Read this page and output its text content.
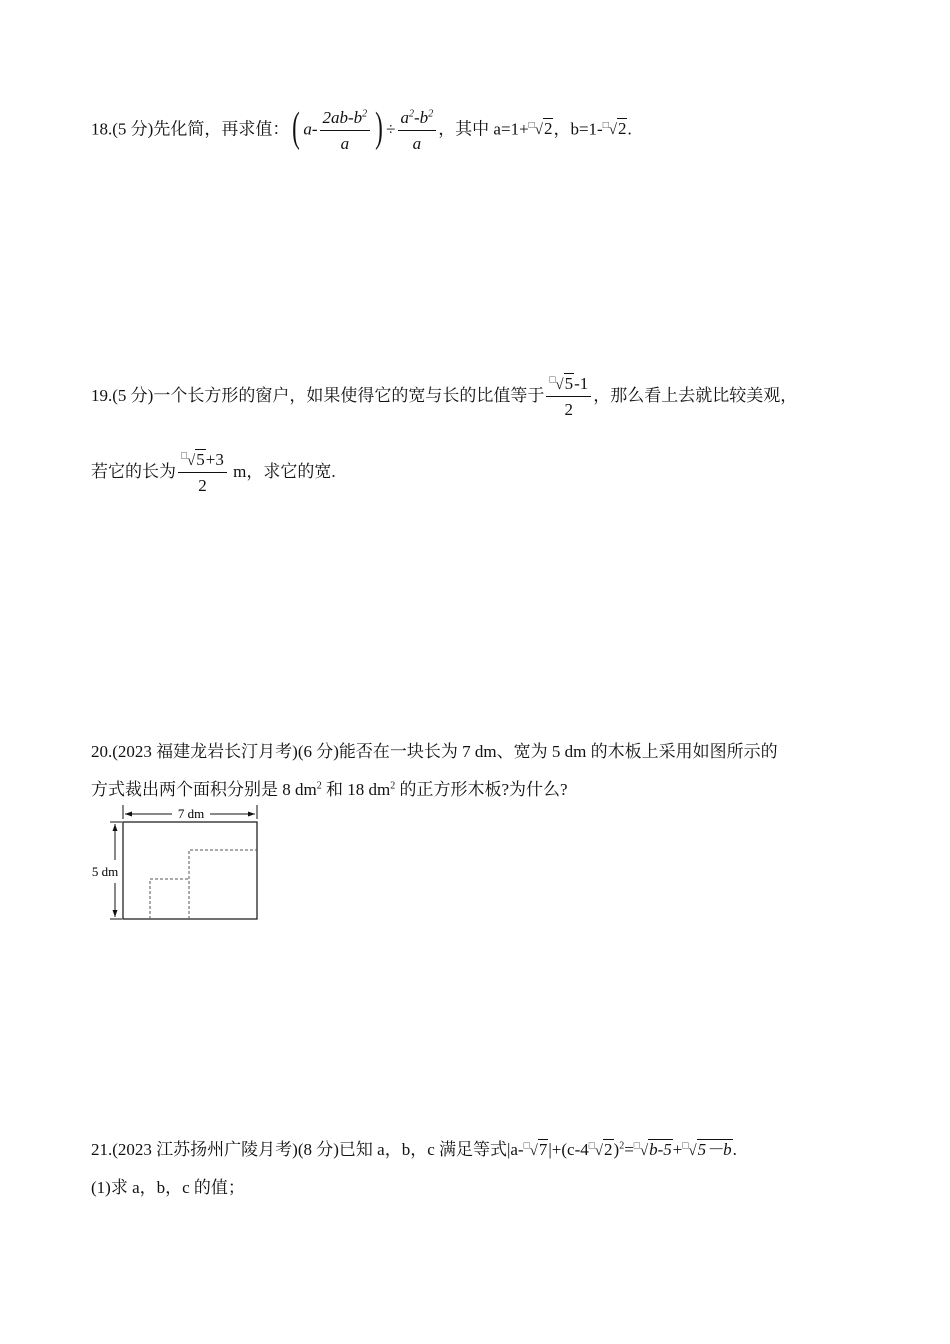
18.(5 分)先化简，再求值：( $a- \frac{2ab-b^2}{a}$ ) ÷ $\frac{a^2-b^2}{a}$ ，其中 a=1+□√2，b=1-□√2.
19.(5 分)一个长方形的窗户，如果使得它的宽与长的比值等于 $\frac{^□√5-1}{2}$ ，那么看上去就比较美观，
若它的长为 $\frac{^□√5+3}{2}$ m，求它的宽.
20.(2023 福建龙岩长汀月考)(6 分)能否在一块长为 7 dm、宽为 5 dm 的木板上采用如图所示的
方式裁出两个面积分别是 8 $dm^2$ 和 18 $dm^2$ 的正方形木板?为什么?
7 dm
5 dm
21.(2023 江苏扬州广陵月考)(8 分)已知 a，b，c 满足等式$|a-^□√7|+(c-4^□√2)^2=^□√b-5+^□√5-b$.
(1)求 a，b，c 的值；
